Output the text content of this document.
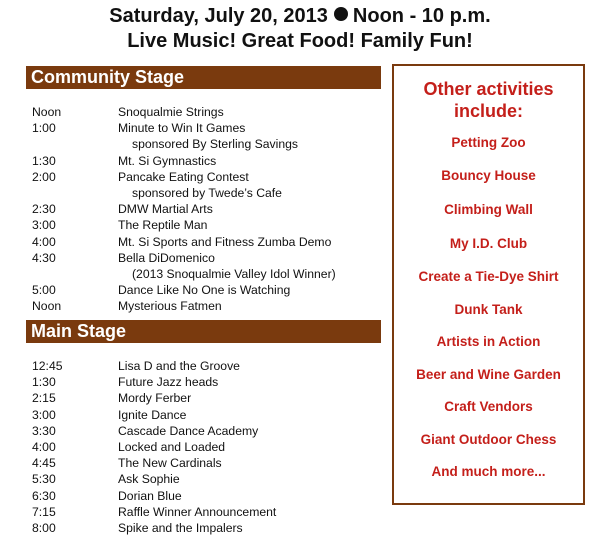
Saturday, July 20, 2013 Noon - 10 p.m.
Live Music! Great Food! Family Fun!
Community Stage
Noon	Snoqualmie Strings
1:00	Minute to Win It Games
sponsored By Sterling Savings
1:30	Mt. Si Gymnastics
2:00	Pancake Eating Contest
sponsored by Twede’s Cafe
2:30	DMW Martial Arts
3:00	The Reptile Man
4:00	Mt. Si Sports and Fitness Zumba Demo
4:30	Bella DiDomenico
(2013 Snoqualmie Valley Idol Winner)
5:00	Dance Like No One is Watching
Noon	Mysterious Fatmen
Main Stage
12:45	Lisa D and the Groove
1:30	Future Jazz heads
2:15	Mordy Ferber
3:00	Ignite Dance
3:30	Cascade Dance Academy
4:00	Locked and Loaded
4:45	The New Cardinals
5:30	Ask Sophie
6:30	Dorian Blue
7:15	Raffle Winner Announcement
8:00	Spike and the Impalers
Other activities
include:
Petting Zoo
Bouncy House
Climbing Wall
My I.D. Club
Create a Tie-Dye Shirt
Dunk Tank
Artists in Action
Beer and Wine Garden
Craft Vendors
Giant Outdoor Chess
And much more...
